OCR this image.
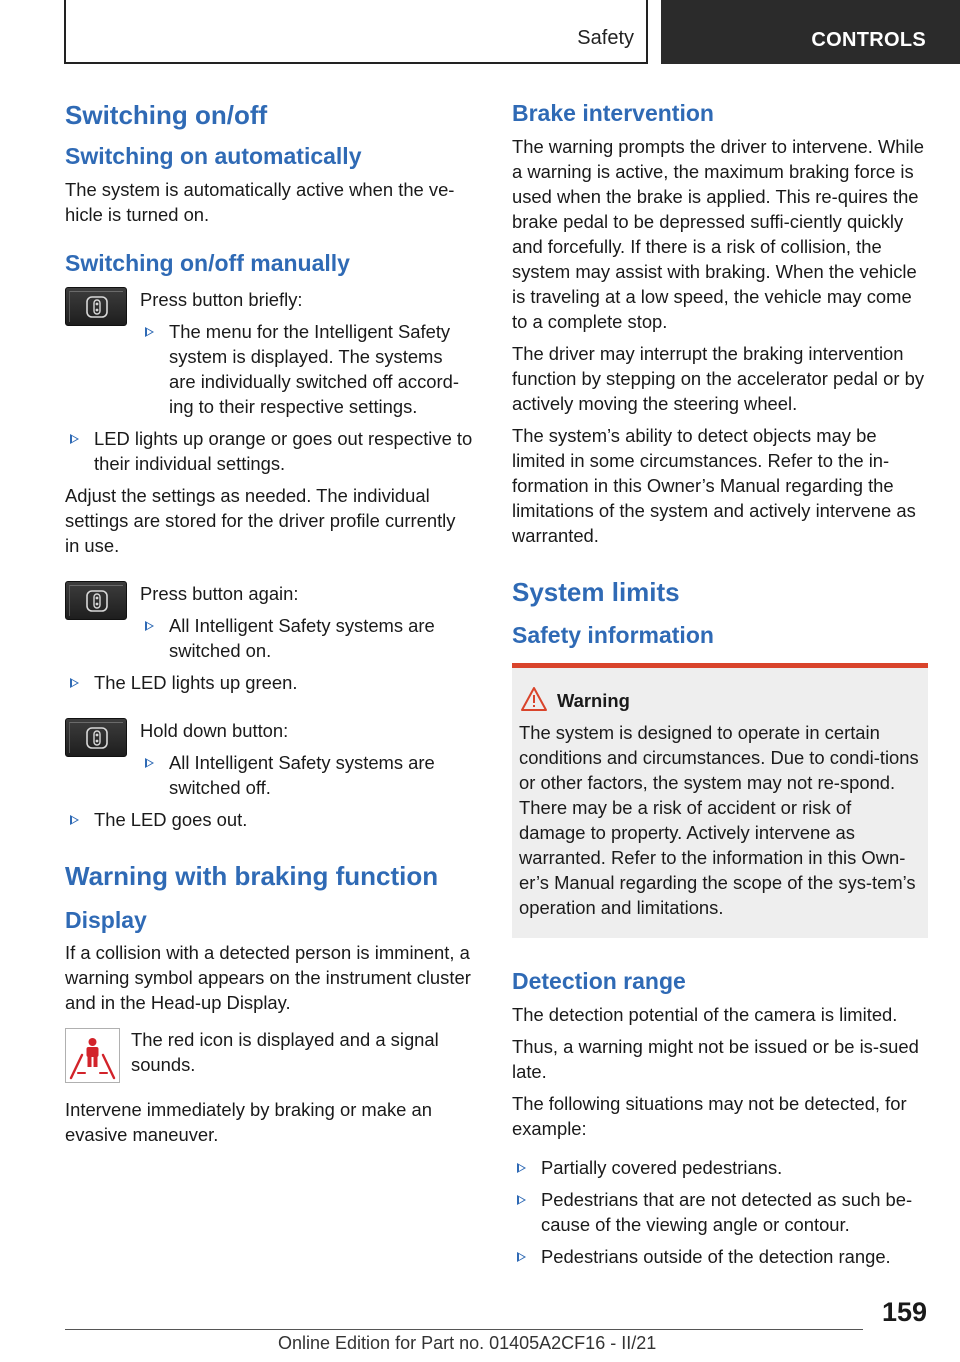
Safety	CONTROLS
Switching on/off
Switching on automatically

The system is automatically active when the ve-hicle is turned on.

Switching on/off manually

Press button briefly:

The menu for the Intelligent Safety system is displayed. The systems are individually switched off accord-ing to their respective settings.
LED lights up orange or goes out respective to their individual settings.

Adjust the settings as needed. The individual settings are stored for the driver profile currently in use.

Press button again:

All Intelligent Safety systems are switched on.
The LED lights up green.

Hold down button:

All Intelligent Safety systems are switched off.
The LED goes out.
Warning with braking function
Display

If a collision with a detected person is imminent, a warning symbol appears on the instrument cluster and in the Head-up Display.

The red icon is displayed and a signal sounds.

Intervene immediately by braking or make an evasive maneuver.

Brake intervention

The warning prompts the driver to intervene. While a warning is active, the maximum braking force is used when the brake is applied. This re-quires the brake pedal to be depressed suffi-ciently quickly and forcefully. If there is a risk of collision, the system may assist with braking. When the vehicle is traveling at a low speed, the vehicle may come to a complete stop.

The driver may interrupt the braking intervention function by stepping on the accelerator pedal or by actively moving the steering wheel.

The system’s ability to detect objects may be limited in some circumstances. Refer to the in-formation in this Owner’s Manual regarding the limitations of the system and actively intervene as warranted.

System limits
Safety information
Warning

The system is designed to operate in certain conditions and circumstances. Due to condi-tions or other factors, the system may not re-spond. There may be a risk of accident or risk of damage to property. Actively intervene as warranted. Refer to the information in this Own-er’s Manual regarding the scope of the sys-tem’s operation and limitations.

Detection range

The detection potential of the camera is limited.

Thus, a warning might not be issued or be is-sued late.

The following situations may not be detected, for example:

Partially covered pedestrians.
Pedestrians that are not detected as such be-cause of the viewing angle or contour.
Pedestrians outside of the detection range.
159
Online Edition for Part no. 01405A2CF16 - II/21
